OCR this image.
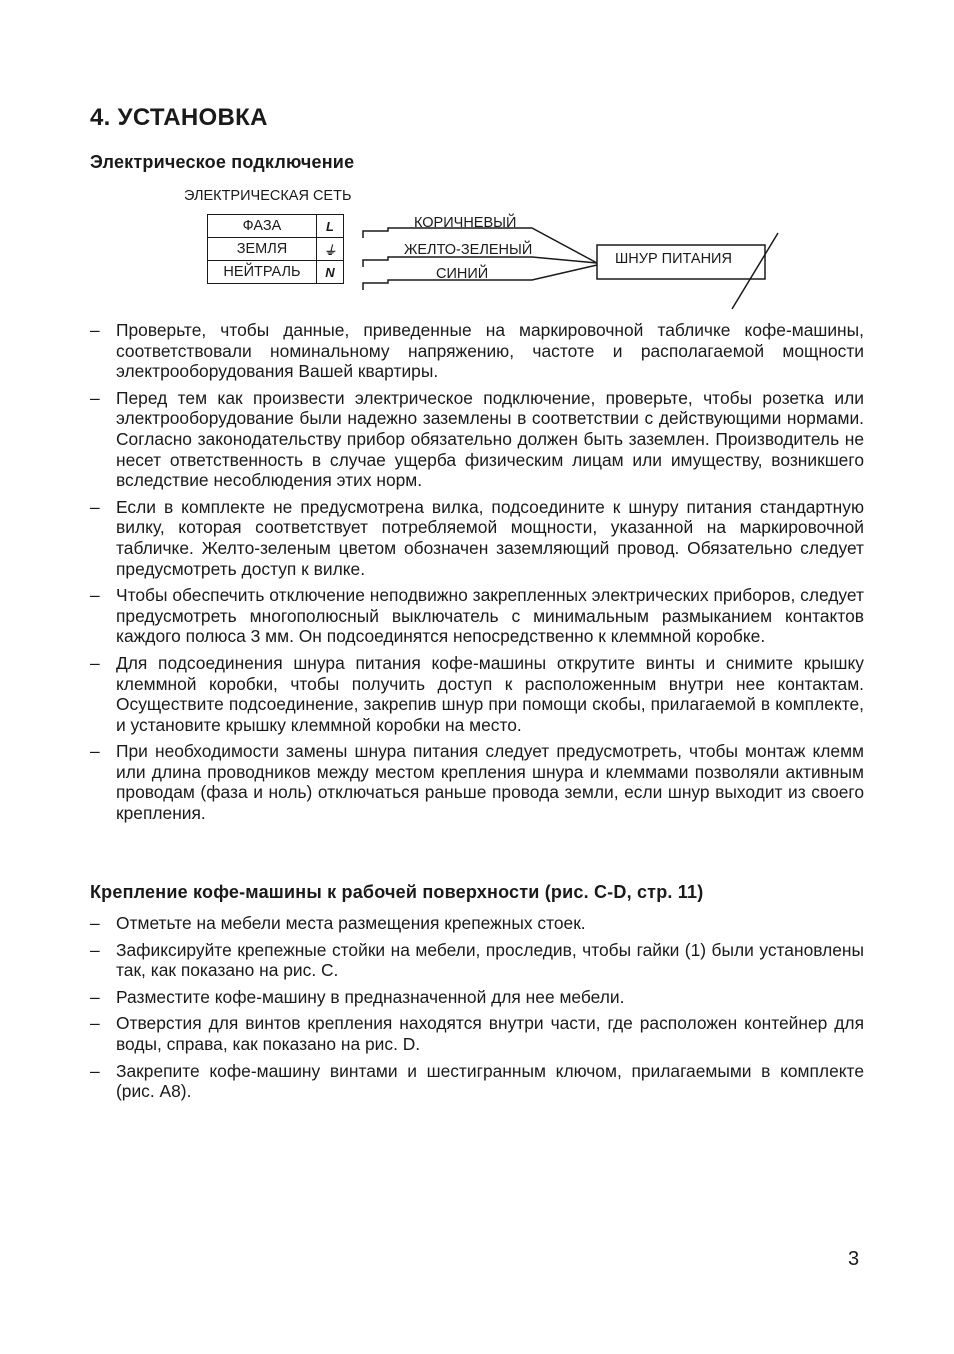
4. УСТАНОВКА
Электрическое подключение
ЭЛЕКТРИЧЕСКАЯ СЕТЬ
ФАЗА	L
ЗЕМЛЯ	⏚
НЕЙТРАЛЬ	N
КОРИЧНЕВЫЙ
ЖЕЛТО-ЗЕЛЕНЫЙ
СИНИЙ
ШНУР ПИТАНИЯ
– Проверьте, чтобы данные, приведенные на маркировочной табличке кофе-машины, соответствовали номинальному напряжению, частоте и располагаемой мощности электрооборудования Вашей квартиры.
– Перед тем как произвести электрическое подключение, проверьте, чтобы розетка или электрооборудование были надежно заземлены в соответствии с действующими нормами. Согласно законодательству прибор обязательно должен быть заземлен. Производитель не несет ответственность в случае ущерба физическим лицам или имуществу, возникшего вследствие несоблюдения этих норм.
– Если в комплекте не предусмотрена вилка, подсоедините к шнуру питания стандартную вилку, которая соответствует потребляемой мощности, указанной на маркировочной табличке. Желто-зеленым цветом обозначен заземляющий провод. Обязательно следует предусмотреть доступ к вилке.
– Чтобы обеспечить отключение неподвижно закрепленных электрических приборов, следует предусмотреть многополюсный выключатель с минимальным размыканием контактов каждого полюса 3 мм. Он подсоединятся непосредственно к клеммной коробке.
– Для подсоединения шнура питания кофе-машины открутите винты и снимите крышку клеммной коробки, чтобы получить доступ к расположенным внутри нее контактам. Осуществите подсоединение, закрепив шнур при помощи скобы, прилагаемой в комплекте, и установите крышку клеммной коробки на место.
– При необходимости замены шнура питания следует предусмотреть, чтобы монтаж клемм или длина проводников между местом крепления шнура и клеммами позволяли активным проводам (фаза и ноль) отключаться раньше провода земли, если шнур выходит из своего крепления.
Крепление кофе-машины к рабочей поверхности (рис. C-D, стр. 11)
– Отметьте на мебели места размещения крепежных стоек.
– Зафиксируйте крепежные стойки на мебели, проследив, чтобы гайки (1) были установлены так, как показано на рис. C.
– Разместите кофе-машину в предназначенной для нее мебели.
– Отверстия для винтов крепления находятся внутри части, где расположен контейнер для воды, справа, как показано на рис. D.
– Закрепите кофе-машину винтами и шестигранным ключом, прилагаемыми в комплекте (рис. A8).
3
